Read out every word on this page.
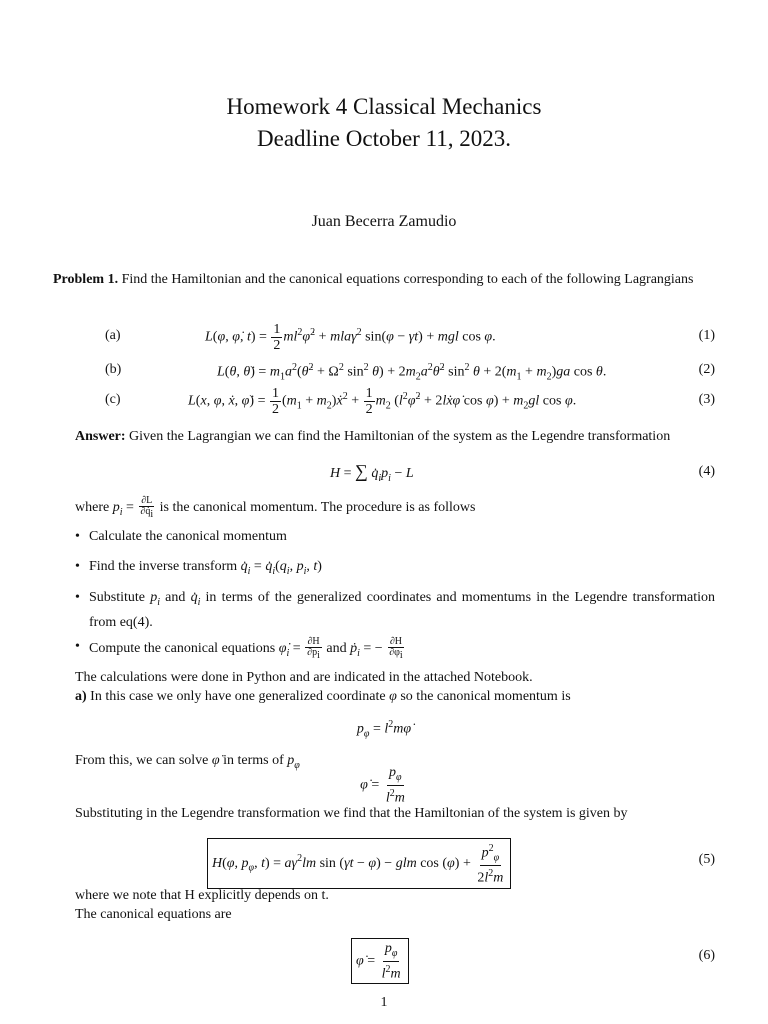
Homework 4 Classical Mechanics
Deadline October 11, 2023.
Juan Becerra Zamudio
Problem 1. Find the Hamiltonian and the canonical equations corresponding to each of the following Lagrangians
(a)	L(φ, φ̇, $t) = \frac{1}{2}$ $ml^2\varphi̇^2 + mla\gamma^2$ sin(φ − γt) + mgl cos φ.	(1)
(b)	L(θ, θ̇) = $m_1a^2(\thetȧ^2 + \Omega^2$ $\sin^2 \theta$) + $2m_2a^2\thetȧ^2$ $\sin^2 \theta + 2(m_1 + m_2)ga$ cos θ.	(2)
(c)	L(x, φ, ẋ, φ̇) = $\frac{1}{2} (m_1$ + $m_2)ẋ^2 + \frac{1}{2} m_2$ ($l^2\varphi̇^2$ + 2lẋφ̇ $\cos \varphi) + m_2gl$ cos φ.	(3)
Answer: Given the Lagrangian we can find the Hamiltonian of the system as the Legendre transformation
H = ∑ $q̇_ip_i - L$	(4)
where $p_i = \frac{\partial L}{\partial q̇_i}$ is the canonical momentum. The procedure is as follows
• Calculate the canonical momentum
• Find the inverse transform $q̇_i$ = $q̇_i(q_i$, $p_i$, t)
• Substitute $p_i$ and $q̇_i$ in terms of the generalized coordinates and momentums in the Legendre transformation from eq(4).
• Compute the canonical equations $\varphi̇_i = \frac{\partial H}{\partial p_i}$ and ṗ$_i$ = − $\frac{\partial H}{\partial\varphi_i}$
The calculations were done in Python and are indicated in the attached Notebook.
a) In this case we only have one generalized coordinate φ so the canonical momentum is
$p_\varphi$ = $l^2m\varphi̇$
From this, we can solve φ̇ in terms of $p_\varphi$
φ̇ = $\frac{p_\varphi}{l^2m}$
Substituting in the Legendre transformation we find that the Hamiltonian of the system is given by
H(φ, $p_\varphi$, $t) = a\gamma^2lm$ sin (γt − φ) − glm $\cos (\varphi) + \frac{p^2_\varphi}{2l^2m}$	(5)
where we note that H explicitly depends on t.
The canonical equations are
φ̇ = $\frac{p_\varphi}{l^2m}$	(6)
1
